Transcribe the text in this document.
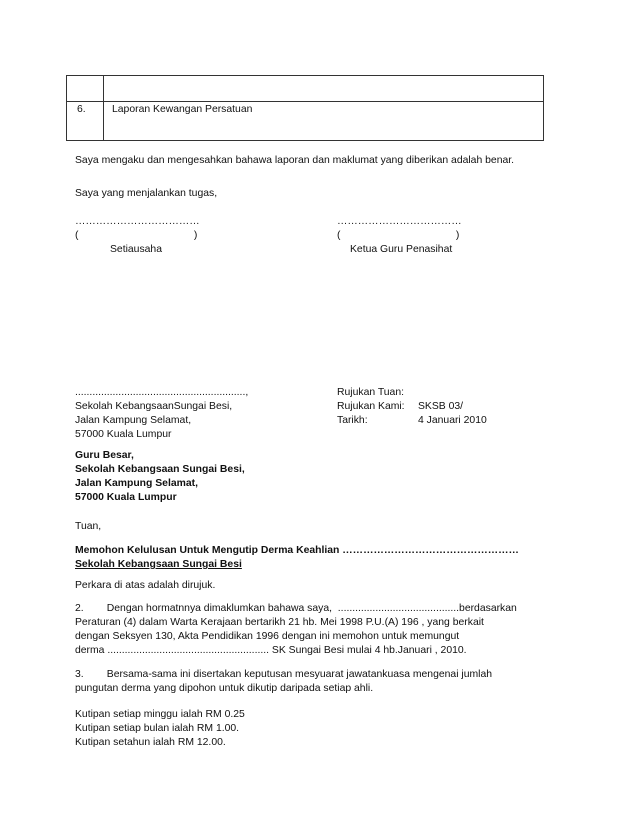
6.	Laporan Kewangan Persatuan
Saya mengaku dan mengesahkan bahawa laporan dan maklumat yang diberikan adalah benar.
Saya yang menjalankan tugas,
………………………………
(                                        )
Setiausaha
………………………………
(                                        )
Ketua Guru Penasihat
...........................................................,
Sekolah KebangsaanSungai Besi,
Jalan Kampung Selamat,
57000 Kuala Lumpur
Rujukan Tuan:
Rujukan Kami: SKSB 03/
Tarikh:	4 Januari 2010
Guru Besar,
Sekolah Kebangsaan Sungai Besi,
Jalan Kampung Selamat,
57000 Kuala Lumpur
Tuan,
Memohon Kelulusan Untuk Mengutip Derma Keahlian ……………………………………………
Sekolah Kebangsaan Sungai Besi
Perkara di atas adalah dirujuk.
2.        Dengan hormatnnya dimaklumkan bahawa saya,  ..........................................berdasarkan
Peraturan (4) dalam Warta Kerajaan bertarikh 21 hb. Mei 1998 P.U.(A) 196 , yang berkait
dengan Seksyen 130, Akta Pendidikan 1996 dengan ini memohon untuk memungut
derma ........................................................ SK Sungai Besi mulai 4 hb.Januari , 2010.
3.        Bersama-sama ini disertakan keputusan mesyuarat jawatankuasa mengenai jumlah
pungutan derma yang dipohon untuk dikutip daripada setiap ahli.
Kutipan setiap minggu ialah RM 0.25
Kutipan setiap bulan ialah RM 1.00.
Kutipan setahun ialah RM 12.00.
